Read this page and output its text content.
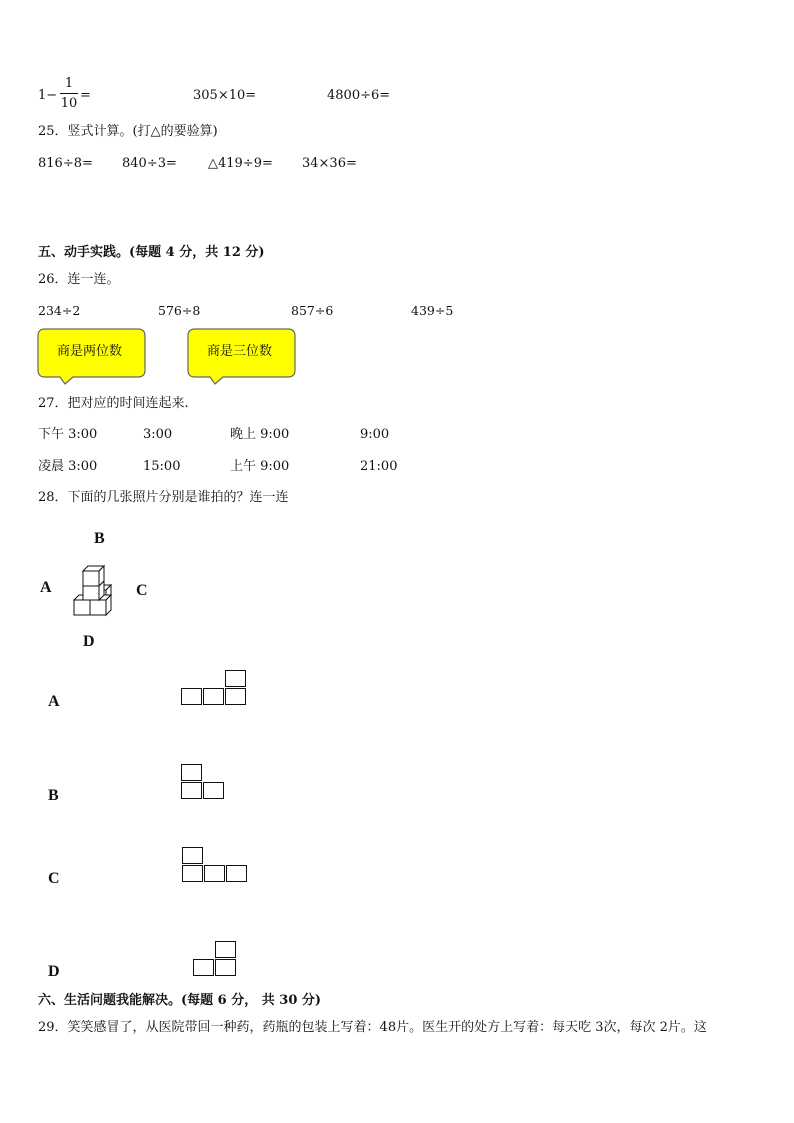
1−
1
10
=	305×10=	4800÷6=
25．竖式计算。(打△的要验算)
816÷8= 840÷3= △419÷9= 34×36=
五、动手实践。(每题 4 分，共 12 分)
26．连一连。
234÷2	576÷8	857÷6	439÷5
商是两位数	商是三位数
27．把对应的时间连起来.
下午 3:00	3:00	晚上 9:00	9:00
凌晨 3:00	15:00	上午 9:00	21:00
28．下面的几张照片分别是谁拍的？连一连
B
A	C
D
A
B
C
D
六、生活问题我能解决。(每题 6 分， 共 30 分)
29．笑笑感冒了，从医院带回一种药，药瓶的包装上写着：48片。医生开的处方上写着：每天吃 3次，每次 2片。这
